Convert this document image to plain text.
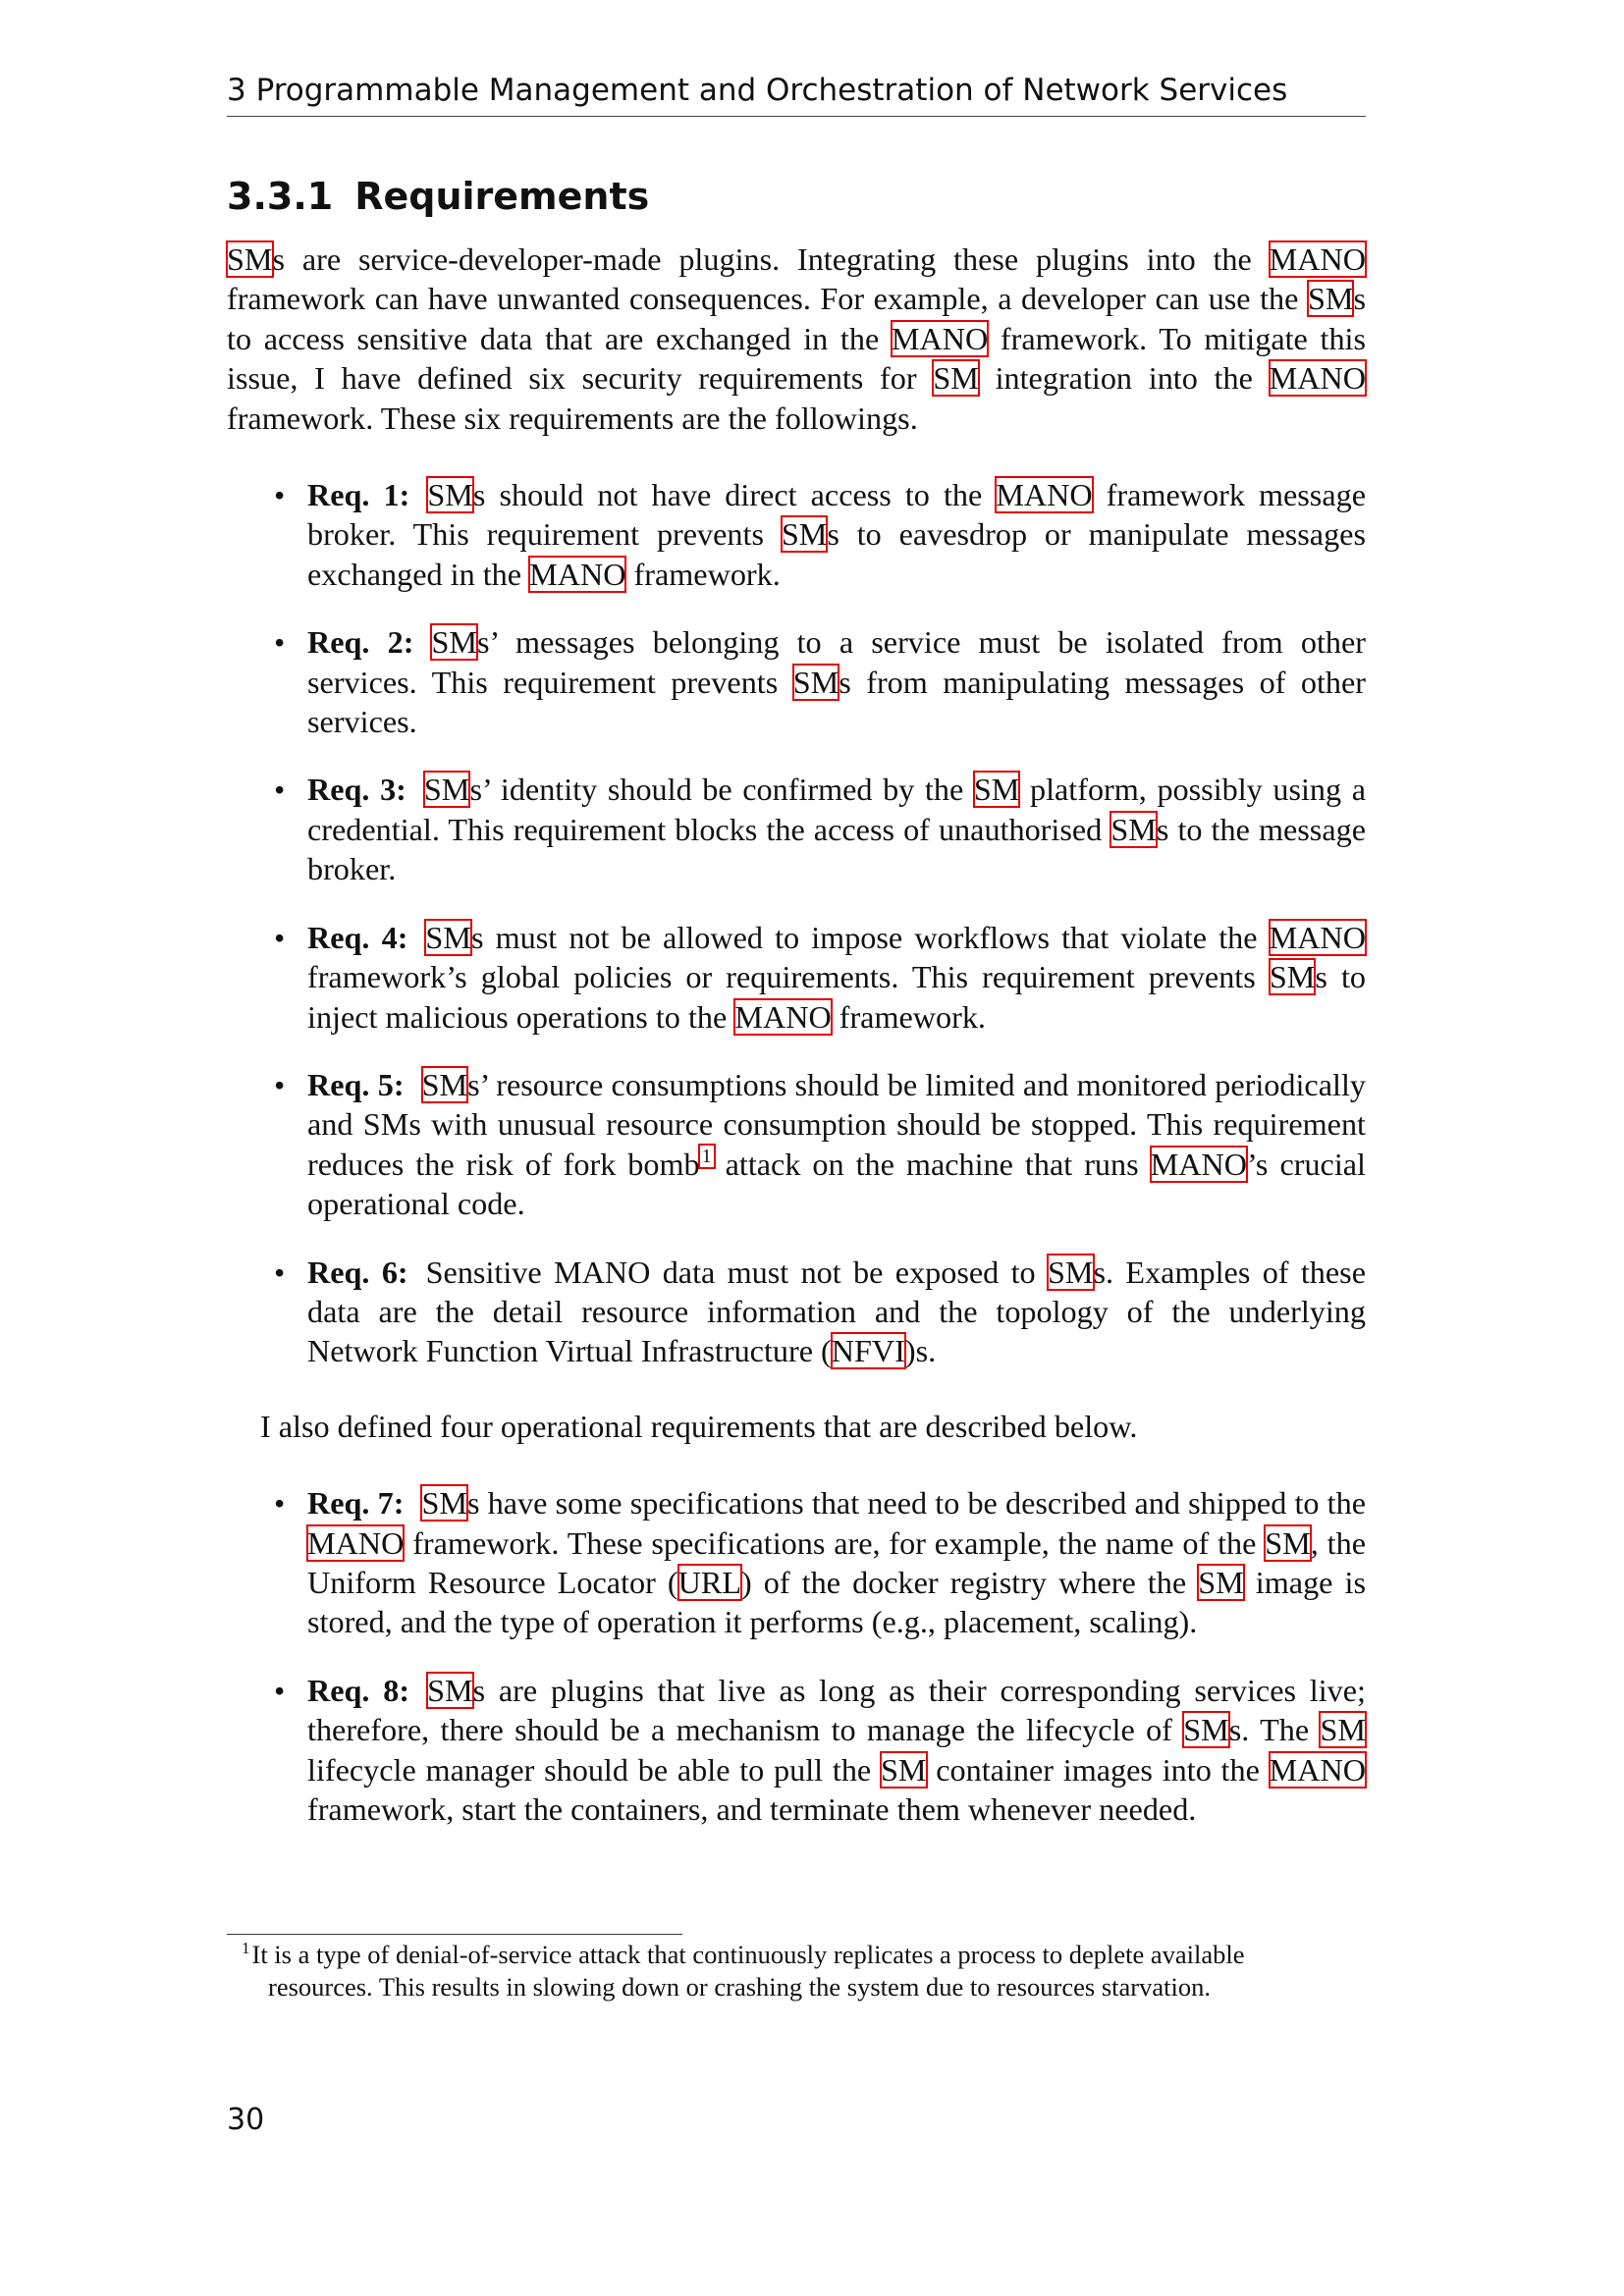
3 Programmable Management and Orchestration of Network Services
3.3.1 Requirements

SMs are service-developer-made plugins. Integrating these plugins into the MANO framework can have unwanted consequences. For example, a developer can use the SMs to access sensitive data that are exchanged in the MANO framework. To mitigate this issue, I have defined six security requirements for SM integration into the MANO framework. These six requirements are the followings.

• Req. 1: SMs should not have direct access to the MANO framework message broker. This requirement prevents SMs to eavesdrop or manipulate messages exchanged in the MANO framework.
• Req. 2: SMs’ messages belonging to a service must be isolated from other services. This requirement prevents SMs from manipulating messages of other services.
• Req. 3: SMs’ identity should be confirmed by the SM platform, possibly using a credential. This requirement blocks the access of unauthorised SMs to the message broker.
• Req. 4: SMs must not be allowed to impose workflows that violate the MANO framework’s global policies or requirements. This requirement prevents SMs to inject malicious operations to the MANO framework.
• Req. 5: SMs’ resource consumptions should be limited and monitored periodically and SMs with unusual resource consumption should be stopped. This requirement reduces the risk of fork bomb $^1$ attack on the machine that runs MANO’s crucial operational code.
• Req. 6: Sensitive MANO data must not be exposed to SMs. Examples of these data are the detail resource information and the topology of the underlying Network Function Virtual Infrastructure (NFVI)s.

I also defined four operational requirements that are described below.

• Req. 7: SMs have some specifications that need to be described and shipped to the MANO framework. These specifications are, for example, the name of the SM, the Uniform Resource Locator (URL) of the docker registry where the SM image is stored, and the type of operation it performs (e.g., placement, scaling).
• Req. 8: SMs are plugins that live as long as their corresponding services live; therefore, there should be a mechanism to manage the lifecycle of SMs. The SM lifecycle manager should be able to pull the SM container images into the MANO framework, start the containers, and terminate them whenever needed.
$^1$It is a type of denial-of-service attack that continuously replicates a process to deplete available
resources. This results in slowing down or crashing the system due to resources starvation.
30
